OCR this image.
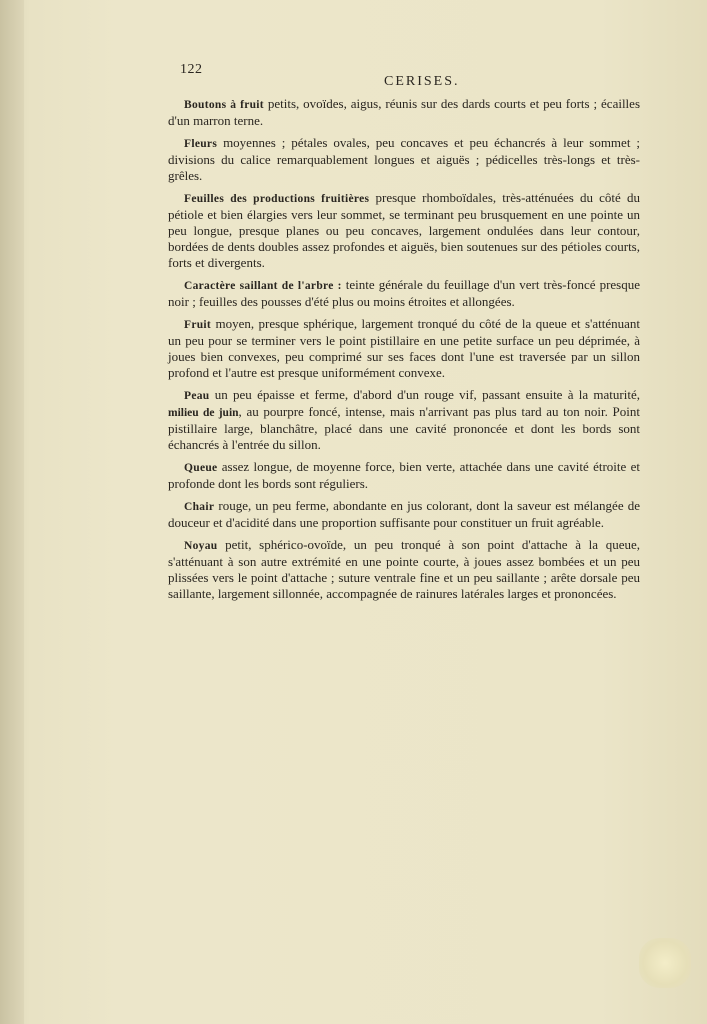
122
CERISES.

Boutons à fruit petits, ovoïdes, aigus, réunis sur des dards courts et peu forts ; écailles d'un marron terne.

Fleurs moyennes ; pétales ovales, peu concaves et peu échancrés à leur sommet ; divisions du calice remarquablement longues et aiguës ; pédicelles très-longs et très-grêles.

Feuilles des productions fruitières presque rhomboïdales, très-atténuées du côté du pétiole et bien élargies vers leur sommet, se terminant peu brusquement en une pointe un peu longue, presque planes ou peu concaves, largement ondulées dans leur contour, bordées de dents doubles assez profondes et aiguës, bien soutenues sur des pétioles courts, forts et divergents.

Caractère saillant de l'arbre : teinte générale du feuillage d'un vert très-foncé presque noir ; feuilles des pousses d'été plus ou moins étroites et allongées.

Fruit moyen, presque sphérique, largement tronqué du côté de la queue et s'atténuant un peu pour se terminer vers le point pistillaire en une petite surface un peu déprimée, à joues bien convexes, peu comprimé sur ses faces dont l'une est traversée par un sillon profond et l'autre est presque uniformément convexe.

Peau un peu épaisse et ferme, d'abord d'un rouge vif, passant ensuite à la maturité, milieu de juin, au pourpre foncé, intense, mais n'arrivant pas plus tard au ton noir. Point pistillaire large, blanchâtre, placé dans une cavité prononcée et dont les bords sont échancrés à l'entrée du sillon.

Queue assez longue, de moyenne force, bien verte, attachée dans une cavité étroite et profonde dont les bords sont réguliers.

Chair rouge, un peu ferme, abondante en jus colorant, dont la saveur est mélangée de douceur et d'acidité dans une proportion suffisante pour constituer un fruit agréable.

Noyau petit, sphérico-ovoïde, un peu tronqué à son point d'attache à la queue, s'atténuant à son autre extrémité en une pointe courte, à joues assez bombées et un peu plissées vers le point d'attache ; suture ventrale fine et un peu saillante ; arête dorsale peu saillante, largement sillonnée, accompagnée de rainures latérales larges et prononcées.
